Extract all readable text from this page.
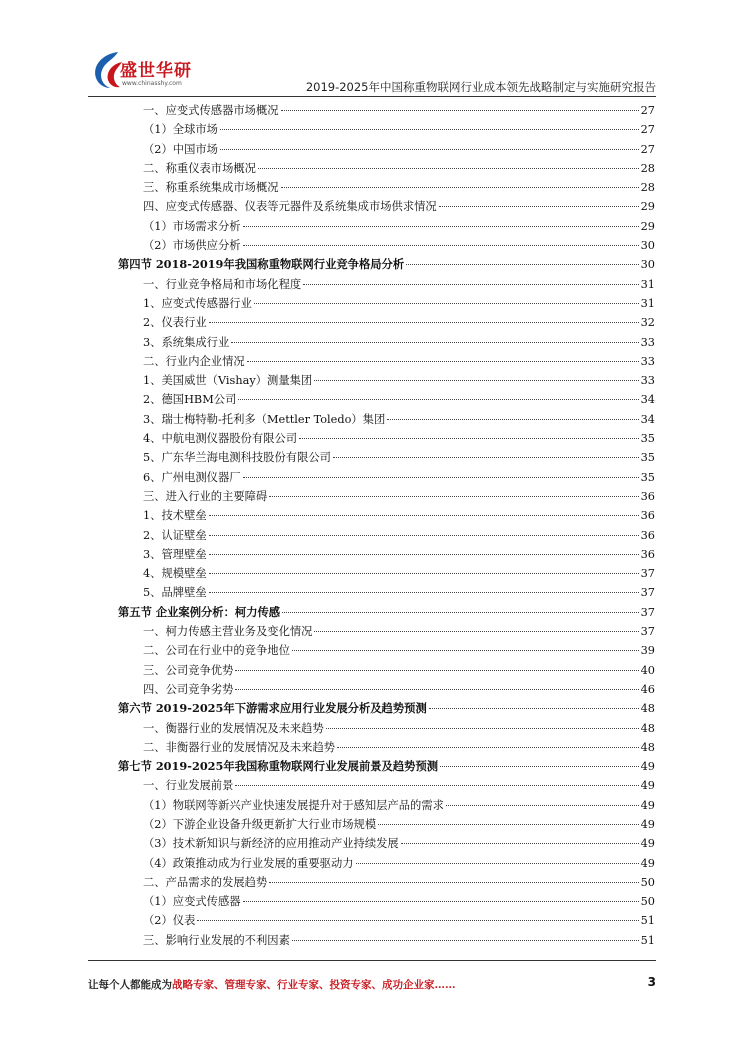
盛世华研
www.chinasshy.com	2019-2025年中国称重物联网行业成本领先战略制定与实施研究报告
一、应变式传感器市场概况	27
（1）全球市场	27
（2）中国市场	27
二、称重仪表市场概况	28
三、称重系统集成市场概况	28
四、应变式传感器、仪表等元器件及系统集成市场供求情况	29
（1）市场需求分析	29
（2）市场供应分析	30
第四节 2018-2019年我国称重物联网行业竞争格局分析	30
一、行业竞争格局和市场化程度	31
1、应变式传感器行业	31
2、仪表行业	32
3、系统集成行业	33
二、行业内企业情况	33
1、美国威世（Vishay）测量集团	33
2、德国HBM公司	34
3、瑞士梅特勒-托利多（Mettler Toledo）集团	34
4、中航电测仪器股份有限公司	35
5、广东华兰海电测科技股份有限公司	35
6、广州电测仪器厂	35
三、进入行业的主要障碍	36
1、技术壁垒	36
2、认证壁垒	36
3、管理壁垒	36
4、规模壁垒	37
5、品牌壁垒	37
第五节 企业案例分析：柯力传感	37
一、柯力传感主营业务及变化情况	37
二、公司在行业中的竞争地位	39
三、公司竞争优势	40
四、公司竞争劣势	46
第六节 2019-2025年下游需求应用行业发展分析及趋势预测	48
一、衡器行业的发展情况及未来趋势	48
二、非衡器行业的发展情况及未来趋势	48
第七节 2019-2025年我国称重物联网行业发展前景及趋势预测	49
一、行业发展前景	49
（1）物联网等新兴产业快速发展提升对于感知层产品的需求	49
（2）下游企业设备升级更新扩大行业市场规模	49
（3）技术新知识与新经济的应用推动产业持续发展	49
（4）政策推动成为行业发展的重要驱动力	49
二、产品需求的发展趋势	50
（1）应变式传感器	50
（2）仪表	51
三、影响行业发展的不利因素	51
让每个人都能成为战略专家、管理专家、行业专家、投资专家、成功企业家……	3
